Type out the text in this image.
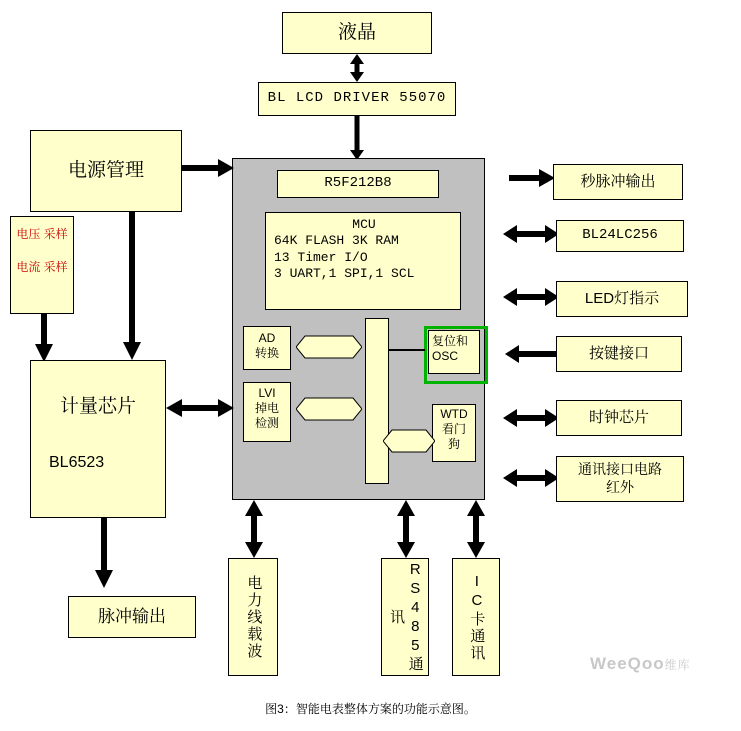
液晶
BL LCD DRIVER 55070
R5F212B8
MCU
64K FLASH 3K RAM
13 Timer I/O
3 UART,1 SPI,1 SCL
AD
转换
LVI
掉电
检测
复位和
OSC
WTD
看门
狗
电源管理
电压 采样
电流 采样
计量芯片
BL6523
脉冲输出
秒脉冲输出
BL24LC256
LED灯指示
按键接口
时钟芯片
通讯接口电路
红外
电力线载波	RS485通讯	IC卡通讯
WeeQoo维库
图3：智能电表整体方案的功能示意图。
